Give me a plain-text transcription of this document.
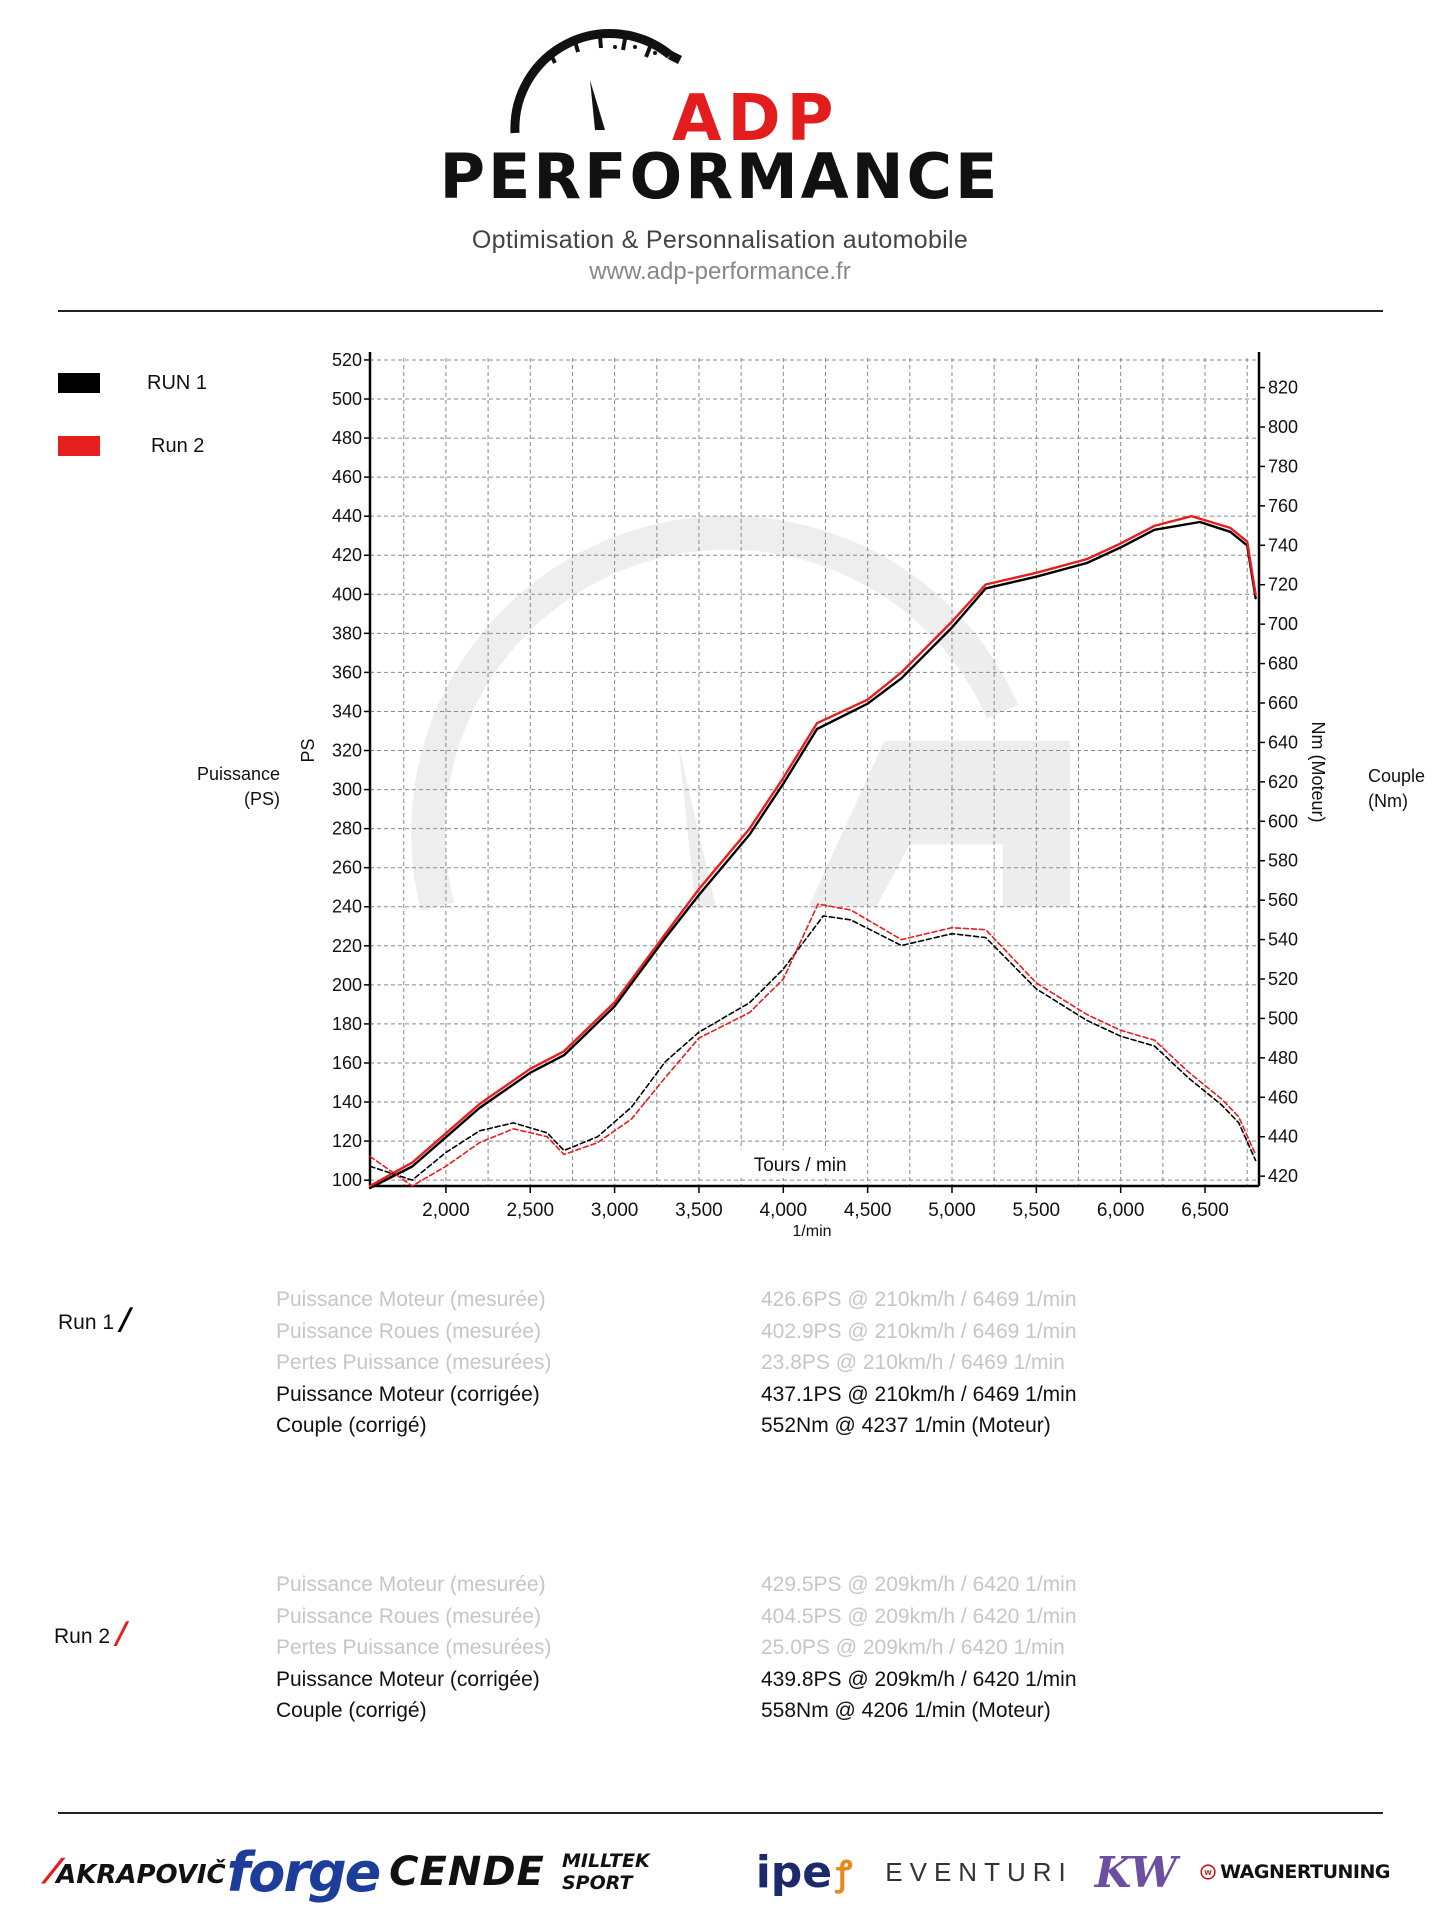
ADP
PERFORMANCE
Optimisation & Personnalisation automobile
www.adp-performance.fr
RUN 1
Run 2
Puissance
(PS)
Couple
(Nm)
100
120
140
160
180
200
220
240
260
280
300
320
340
360
380
400
420
440
460
480
500
520
420
440
460
480
500
520
540
560
580
600
620
640
660
680
700
720
740
760
780
800
820
2,000 2,500 3,000 3,500 4,000 4,500 5,000 5,500 6,000 6,500
PS	Nm (Moteur)
Tours / min
1/min
Run 1 /
Puissance Moteur (mesurée)	426.6PS @ 210km/h / 6469 1/min
Puissance Roues (mesurée)	402.9PS @ 210km/h / 6469 1/min
Pertes Puissance (mesurées)	23.8PS @ 210km/h / 6469 1/min
Puissance Moteur (corrigée)	437.1PS @ 210km/h / 6469 1/min
Couple (corrigé)	552Nm @ 4237 1/min (Moteur)
Run 2 /
Puissance Moteur (mesurée)	429.5PS @ 209km/h / 6420 1/min
Puissance Roues (mesurée)	404.5PS @ 209km/h / 6420 1/min
Pertes Puissance (mesurées)	25.0PS @ 209km/h / 6420 1/min
Puissance Moteur (corrigée)	439.8PS @ 209km/h / 6420 1/min
Couple (corrigé)	558Nm @ 4206 1/min (Moteur)
⁄AKRAPOVIČ forge CENDE MILLTEK SPORT	ipe ꝭ EVENTURI KW W WAGNERTUNING
